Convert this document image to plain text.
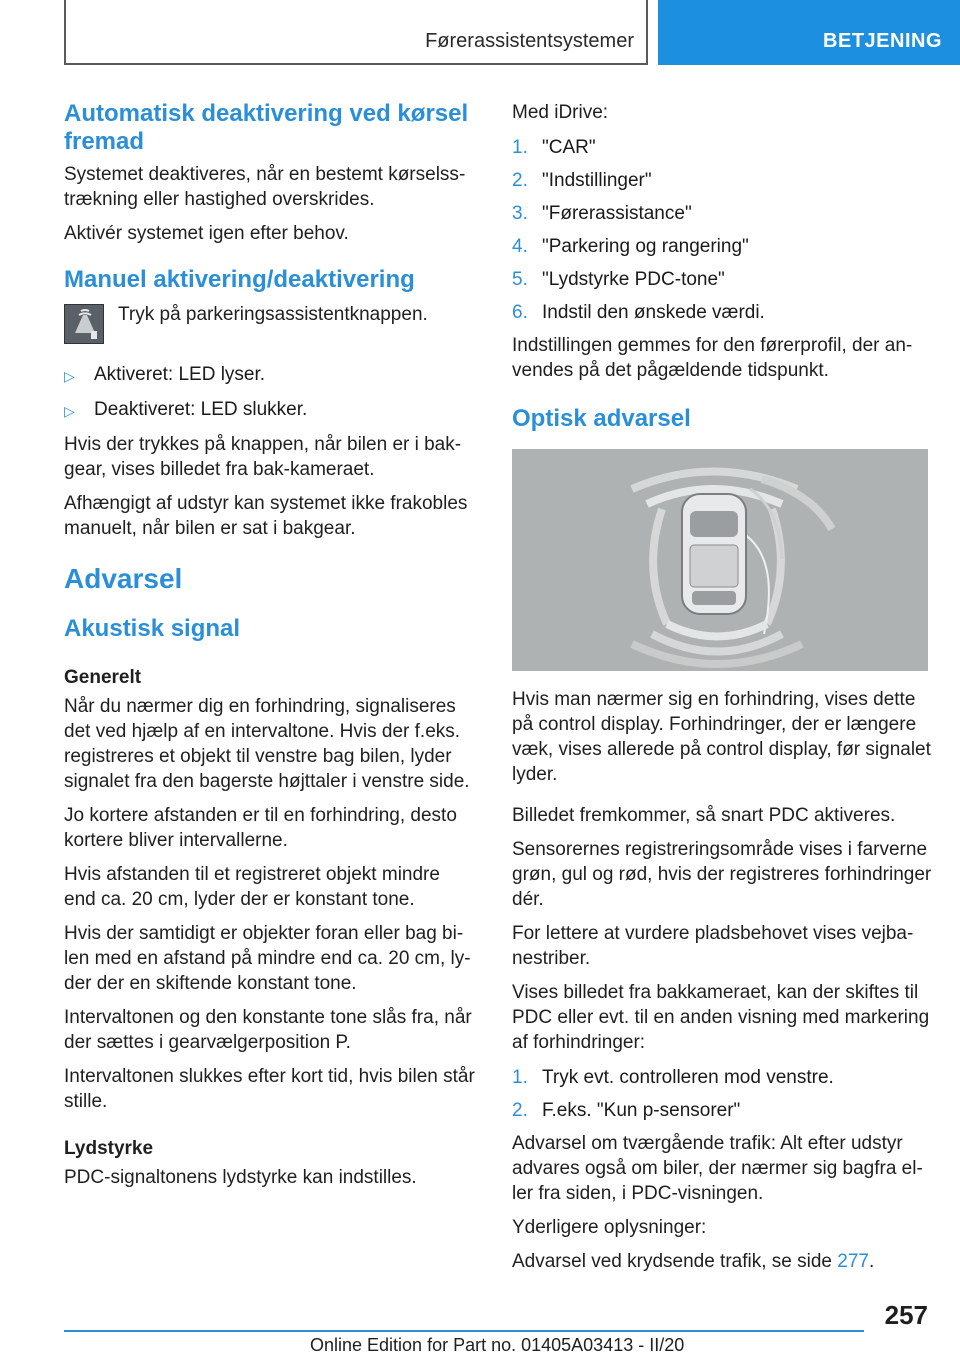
Førerassistentsystemer	BETJENING
Automatisk deaktivering ved kørsel fremad

Systemet deaktiveres, når en bestemt kørselsstrækning eller hastighed overskrides.

Aktivér systemet igen efter behov.

Manuel aktivering/deaktivering

Tryk på parkeringsassistentknappen.

▷	Aktiveret: LED lyser.
▷	Deaktiveret: LED slukker.

Hvis der trykkes på knappen, når bilen er i bakgear, vises billedet fra bak-kameraet.

Afhængigt af udstyr kan systemet ikke frakobles manuelt, når bilen er sat i bakgear.

Advarsel
Akustisk signal
Generelt

Når du nærmer dig en forhindring, signaliseres det ved hjælp af en intervaltone. Hvis der f.eks. registreres et objekt til venstre bag bilen, lyder signalet fra den bagerste højttaler i venstre side.

Jo kortere afstanden er til en forhindring, desto kortere bliver intervallerne.

Hvis afstanden til et registreret objekt mindre end ca. 20 cm, lyder der er konstant tone.

Hvis der samtidigt er objekter foran eller bag bilen med en afstand på mindre end ca. 20 cm, lyder der en skiftende konstant tone.

Intervaltonen og den konstante tone slås fra, når der sættes i gearvælgerposition P.

Intervaltonen slukkes efter kort tid, hvis bilen står stille.

Lydstyrke

PDC-signaltonens lydstyrke kan indstilles.

Med iDrive:

1. "CAR"
2. "Indstillinger"
3. "Førerassistance"
4. "Parkering og rangering"
5. "Lydstyrke PDC-tone"
6. Indstil den ønskede værdi.

Indstillingen gemmes for den førerprofil, der anvendes på det pågældende tidspunkt.

Optisk advarsel

Hvis man nærmer sig en forhindring, vises dette på control display. Forhindringer, der er længere væk, vises allerede på control display, før signalet lyder.

Billedet fremkommer, så snart PDC aktiveres.

Sensorernes registreringsområde vises i farverne grøn, gul og rød, hvis der registreres forhindringer dér.

For lettere at vurdere pladsbehovet vises vejbanestriber.

Vises billedet fra bakkameraet, kan der skiftes til PDC eller evt. til en anden visning med markering af forhindringer:

1. Tryk evt. controlleren mod venstre.
2. F.eks. "Kun p-sensorer"

Advarsel om tværgående trafik: Alt efter udstyr advares også om biler, der nærmer sig bagfra eller fra siden, i PDC-visningen.

Yderligere oplysninger:

Advarsel ved krydsende trafik, se side 277.

257
Online Edition for Part no. 01405A03413 - II/20
